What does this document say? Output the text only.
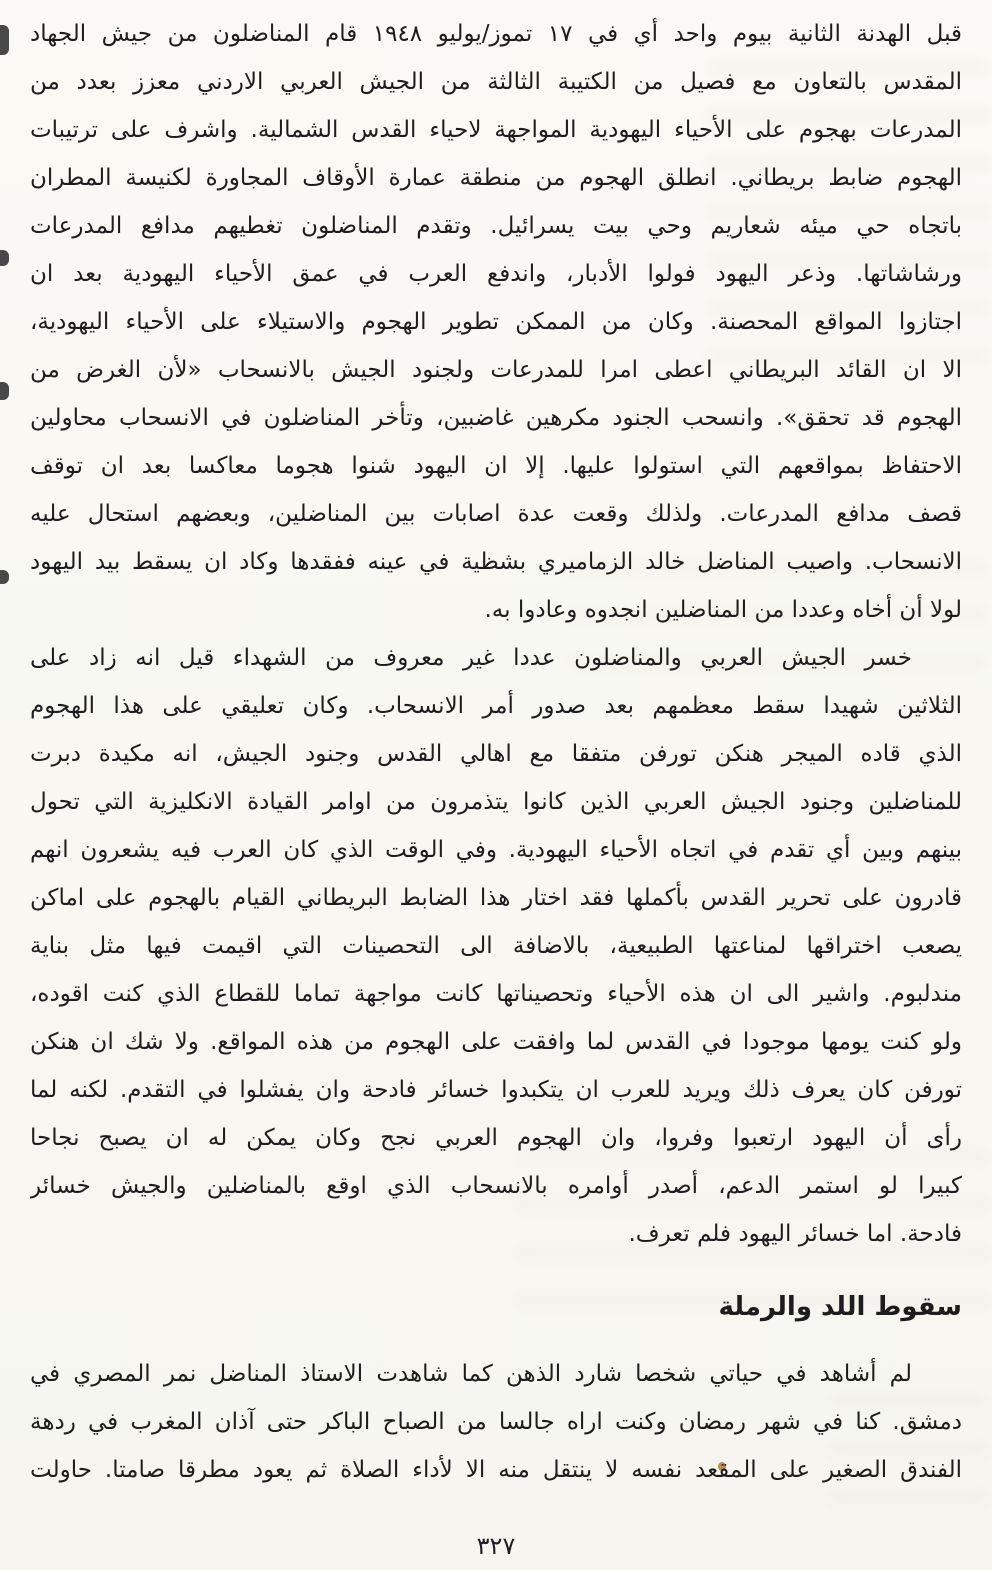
قبل الهدنة الثانية بيوم واحد أي في ١٧ تموز/يوليو ١٩٤٨ قام المناضلون من جيش الجهاد
المقدس بالتعاون مع فصيل من الكتيبة الثالثة من الجيش العربي الاردني معزز بعدد من
المدرعات بهجوم على الأحياء اليهودية المواجهة لاحياء القدس الشمالية. واشرف على ترتيبات
الهجوم ضابط بريطاني. انطلق الهجوم من منطقة عمارة الأوقاف المجاورة لكنيسة المطران
باتجاه حي ميئه شعاريم وحي بيت يسرائيل. وتقدم المناضلون تغطيهم مدافع المدرعات
ورشاشاتها. وذعر اليهود فولوا الأدبار، واندفع العرب في عمق الأحياء اليهودية بعد ان
اجتازوا المواقع المحصنة. وكان من الممكن تطوير الهجوم والاستيلاء على الأحياء اليهودية،
الا ان القائد البريطاني اعطى امرا للمدرعات ولجنود الجيش بالانسحاب «لأن الغرض من
الهجوم قد تحقق». وانسحب الجنود مكرهين غاضبين، وتأخر المناضلون في الانسحاب محاولين
الاحتفاظ بمواقعهم التي استولوا عليها. إلا ان اليهود شنوا هجوما معاكسا بعد ان توقف
قصف مدافع المدرعات. ولذلك وقعت عدة اصابات بين المناضلين، وبعضهم استحال عليه
الانسحاب. واصيب المناضل خالد الزماميري بشظية في عينه ففقدها وكاد ان يسقط بيد اليهود
لولا أن أخاه وعددا من المناضلين انجدوه وعادوا به.
خسر الجيش العربي والمناضلون عددا غير معروف من الشهداء قيل انه زاد على
الثلاثين شهيدا سقط معظمهم بعد صدور أمر الانسحاب. وكان تعليقي على هذا الهجوم
الذي قاده الميجر هنكن تورفن متفقا مع اهالي القدس وجنود الجيش، انه مكيدة دبرت
للمناضلين وجنود الجيش العربي الذين كانوا يتذمرون من اوامر القيادة الانكليزية التي تحول
بينهم وبين أي تقدم في اتجاه الأحياء اليهودية. وفي الوقت الذي كان العرب فيه يشعرون انهم
قادرون على تحرير القدس بأكملها فقد اختار هذا الضابط البريطاني القيام بالهجوم على اماكن
يصعب اختراقها لمناعتها الطبيعية، بالاضافة الى التحصينات التي اقيمت فيها مثل بناية
مندلبوم. واشير الى ان هذه الأحياء وتحصيناتها كانت مواجهة تماما للقطاع الذي كنت اقوده،
ولو كنت يومها موجودا في القدس لما وافقت على الهجوم من هذه المواقع. ولا شك ان هنكن
تورفن كان يعرف ذلك ويريد للعرب ان يتكبدوا خسائر فادحة وان يفشلوا في التقدم. لكنه لما
رأى أن اليهود ارتعبوا وفروا، وان الهجوم العربي نجح وكان يمكن له ان يصبح نجاحا
كبيرا لو استمر الدعم، أصدر أوامره بالانسحاب الذي اوقع بالمناضلين والجيش خسائر
فادحة. اما خسائر اليهود فلم تعرف.
سقوط اللد والرملة
لم أشاهد في حياتي شخصا شارد الذهن كما شاهدت الاستاذ المناضل نمر المصري في
دمشق. كنا في شهر رمضان وكنت اراه جالسا من الصباح الباكر حتى آذان المغرب في ردهة
الفندق الصغير على المقعد نفسه لا ينتقل منه الا لأداء الصلاة ثم يعود مطرقا صامتا. حاولت
٣٢٧
